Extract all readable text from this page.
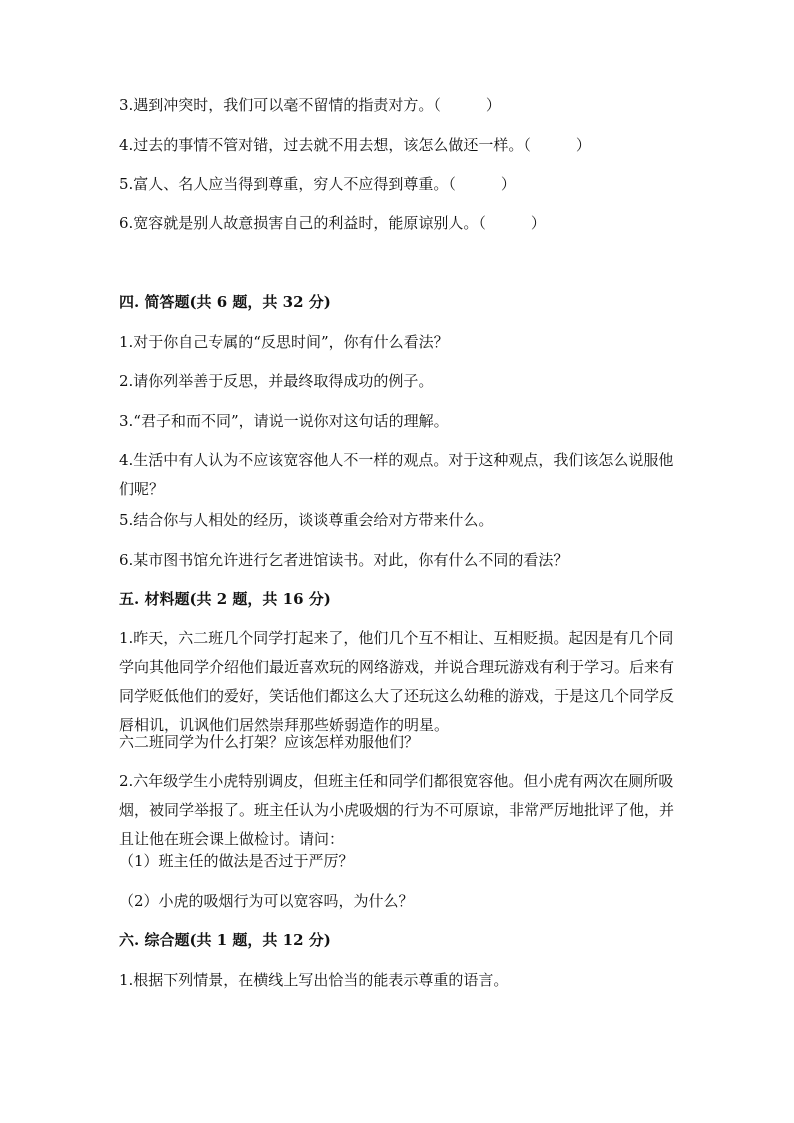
3.遇到冲突时，我们可以毫不留情的指责对方。（　　　）
4.过去的事情不管对错，过去就不用去想，该怎么做还一样。（　　　）
5.富人、名人应当得到尊重，穷人不应得到尊重。（　　　）
6.宽容就是别人故意损害自己的利益时，能原谅别人。（　　　）
四. 简答题(共 6 题，共 32 分)
1.对于你自己专属的“反思时间”，你有什么看法？
2.请你列举善于反思，并最终取得成功的例子。
3.“君子和而不同”，请说一说你对这句话的理解。
4.生活中有人认为不应该宽容他人不一样的观点。对于这种观点，我们该怎么说服他们呢？
5.结合你与人相处的经历，谈谈尊重会给对方带来什么。
6.某市图书馆允许进行乞者进馆读书。对此，你有什么不同的看法？
五. 材料题(共 2 题，共 16 分)
1.昨天，六二班几个同学打起来了，他们几个互不相让、互相贬损。起因是有几个同学向其他同学介绍他们最近喜欢玩的网络游戏，并说合理玩游戏有利于学习。后来有同学贬低他们的爱好，笑话他们都这么大了还玩这么幼稚的游戏，于是这几个同学反唇相讥，讥讽他们居然崇拜那些娇弱造作的明星。
六二班同学为什么打架？应该怎样劝服他们？
2.六年级学生小虎特别调皮，但班主任和同学们都很宽容他。但小虎有两次在厕所吸烟，被同学举报了。班主任认为小虎吸烟的行为不可原谅，非常严厉地批评了他，并且让他在班会课上做检讨。请问：
（1）班主任的做法是否过于严厉？
（2）小虎的吸烟行为可以宽容吗，为什么？
六. 综合题(共 1 题，共 12 分)
1.根据下列情景，在横线上写出恰当的能表示尊重的语言。
